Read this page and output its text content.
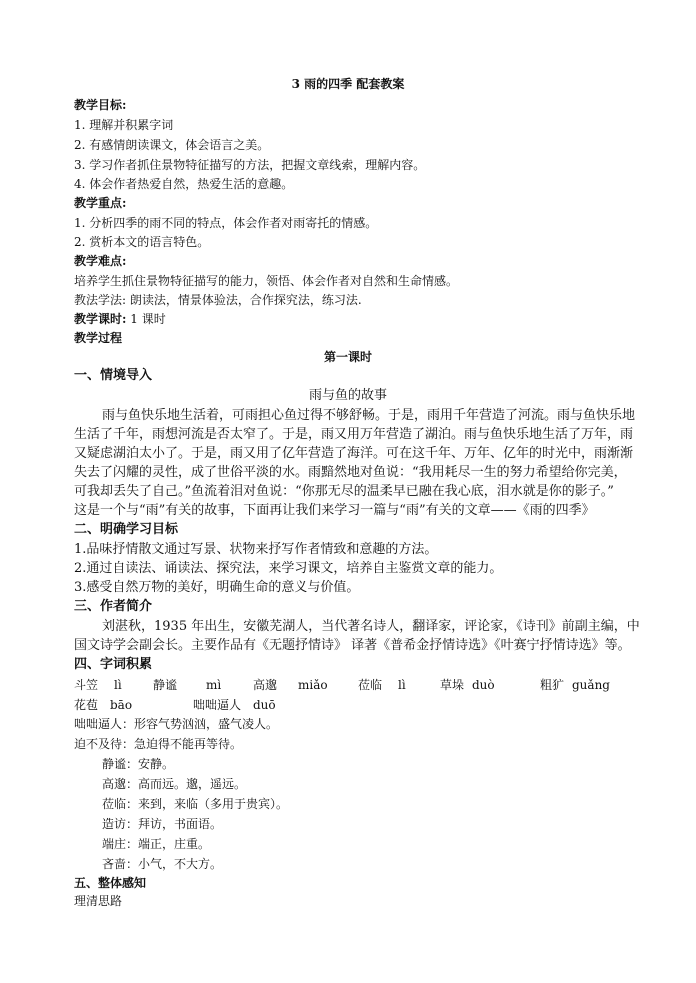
3 雨的四季 配套教案
教学目标:
1. 理解并积累字词
2. 有感情朗读课文，体会语言之美。
3. 学习作者抓住景物特征描写的方法，把握文章线索，理解内容。
4. 体会作者热爱自然，热爱生活的意趣。
教学重点:
1. 分析四季的雨不同的特点，体会作者对雨寄托的情感。
2. 赏析本文的语言特色。
教学难点:
培养学生抓住景物特征描写的能力，领悟、体会作者对自然和生命情感。
教法学法: 朗读法，情景体验法，合作探究法，练习法.
教学课时: 1 课时
教学过程
第一课时
一、情境导入
雨与鱼的故事
雨与鱼快乐地生活着，可雨担心鱼过得不够舒畅。于是，雨用千年营造了河流。雨与鱼快乐地
生活了千年，雨想河流是否太窄了。于是，雨又用万年营造了湖泊。雨与鱼快乐地生活了万年，雨
又疑虑湖泊太小了。于是，雨又用了亿年营造了海洋。可在这千年、万年、亿年的时光中，雨渐渐
失去了闪耀的灵性，成了世俗平淡的水。雨黯然地对鱼说：“我用耗尽一生的努力希望给你完美，
可我却丢失了自己。”鱼流着泪对鱼说：“你那无尽的温柔早已融在我心底，泪水就是你的影子。”
这是一个与“雨”有关的故事，下面再让我们来学习一篇与“雨”有关的文章——《雨的四季》
二、明确学习目标
1.品味抒情散文通过写景、状物来抒写作者情致和意趣的方法。
2.通过自读法、诵读法、探究法，来学习课文，培养自主鉴赏文章的能力。
3.感受自然万物的美好，明确生命的意义与价值。
三、作者简介
刘湛秋，1935 年出生，安徽芜湖人，当代著名诗人，翻译家，评论家，《诗刊》前副主编，中
国文诗学会副会长。主要作品有《无题抒情诗》 译著《普希金抒情诗选》《叶赛宁抒情诗选》等。
四、字词积累
斗笠 lì	静谧 mì	高邈 miǎo	莅临 lì	草垛 duò	粗犷 guǎng
花苞 bāo	咄咄逼人 duō
咄咄逼人：形容气势汹汹，盛气凌人。
迫不及待：急迫得不能再等待。
静谧：安静。
高邈：高而远。邈，遥远。
莅临：来到，来临（多用于贵宾）。
造访：拜访，书面语。
端庄：端正，庄重。
吝啬：小气，不大方。
五、整体感知
理清思路
